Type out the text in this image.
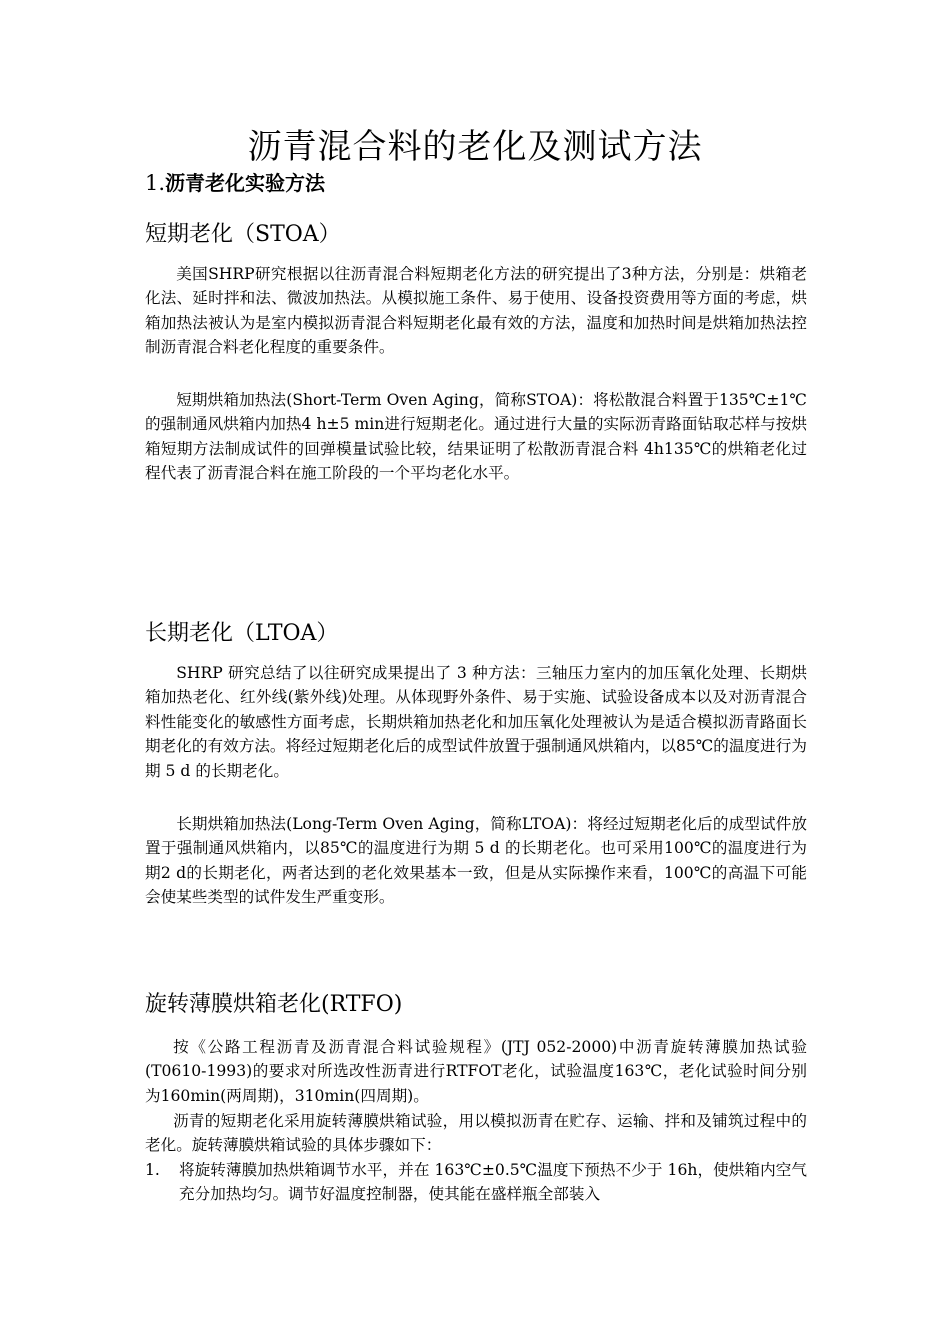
沥青混合料的老化及测试方法
1.沥青老化实验方法
短期老化（STOA）

美国SHRP研究根据以往沥青混合料短期老化方法的研究提出了3种方法，分别是：烘箱老化法、延时拌和法、微波加热法。从模拟施工条件、易于使用、设备投资费用等方面的考虑，烘箱加热法被认为是室内模拟沥青混合料短期老化最有效的方法，温度和加热时间是烘箱加热法控制沥青混合料老化程度的重要条件。

短期烘箱加热法(Short-Term Oven Aging，简称STOA)：将松散混合料置于135℃±1℃的强制通风烘箱内加热4 h±5 min进行短期老化。通过进行大量的实际沥青路面钻取芯样与按烘箱短期方法制成试件的回弹模量试验比较，结果证明了松散沥青混合料 4h135℃的烘箱老化过程代表了沥青混合料在施工阶段的一个平均老化水平。

长期老化（LTOA）

SHRP 研究总结了以往研究成果提出了 3 种方法：三轴压力室内的加压氧化处理、长期烘箱加热老化、红外线(紫外线)处理。从体现野外条件、易于实施、试验设备成本以及对沥青混合料性能变化的敏感性方面考虑，长期烘箱加热老化和加压氧化处理被认为是适合模拟沥青路面长期老化的有效方法。将经过短期老化后的成型试件放置于强制通风烘箱内，以85℃的温度进行为期 5 d 的长期老化。

长期烘箱加热法(Long-Term Oven Aging，简称LTOA)：将经过短期老化后的成型试件放置于强制通风烘箱内，以85℃的温度进行为期 5 d 的长期老化。也可采用100℃的温度进行为期2 d的长期老化，两者达到的老化效果基本一致，但是从实际操作来看，100℃的高温下可能会使某些类型的试件发生严重变形。

旋转薄膜烘箱老化(RTFO)

按《公路工程沥青及沥青混合料试验规程》(JTJ 052-2000)中沥青旋转薄膜加热试验(T0610-1993)的要求对所选改性沥青进行RTFOT老化，试验温度163℃，老化试验时间分别为160min(两周期)，310min(四周期)。

沥青的短期老化采用旋转薄膜烘箱试验，用以模拟沥青在贮存、运输、拌和及铺筑过程中的老化。旋转薄膜烘箱试验的具体步骤如下：

1. 将旋转薄膜加热烘箱调节水平，并在 163℃±0.5℃温度下预热不少于 16h，使烘箱内空气充分加热均匀。调节好温度控制器，使其能在盛样瓶全部装入
